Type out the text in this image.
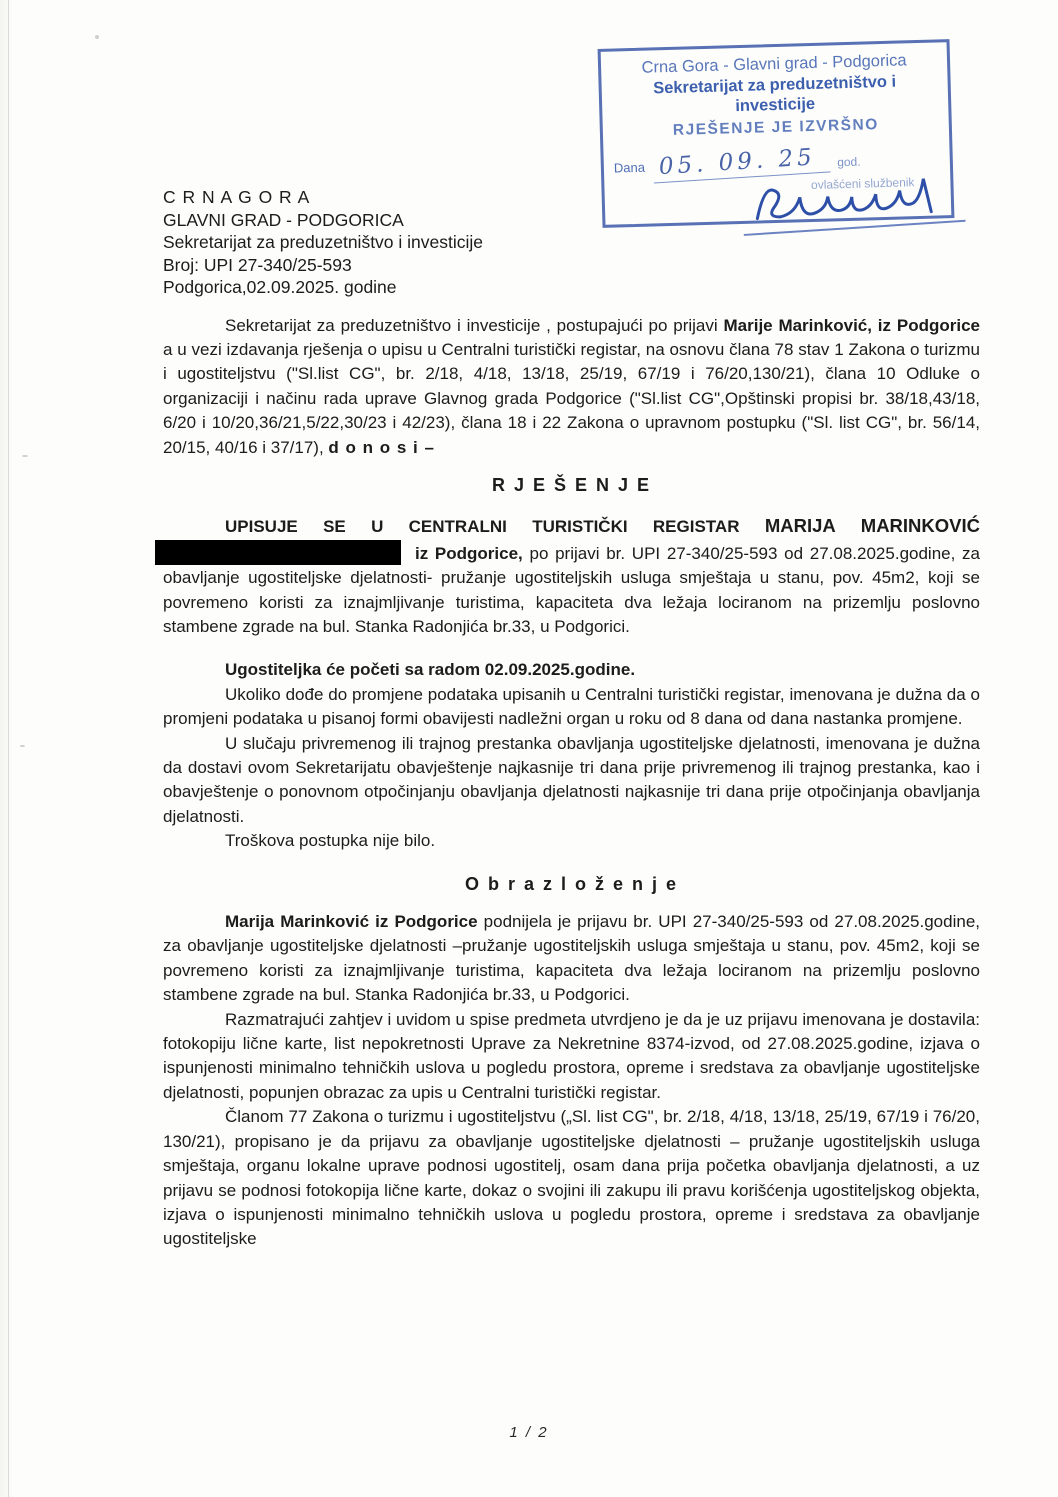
Crna Gora - Glavni grad - Podgorica
Sekretarijat za preduzetništvo i investicije
RJEŠENJE JE IZVRŠNO
Dana 05. 09. 25 god.
ovlašćeni službenik
C R N A G O R A
GLAVNI GRAD - PODGORICA
Sekretarijat za preduzetništvo i investicije
Broj: UPI 27-340/25-593
Podgorica,02.09.2025. godine

Sekretarijat za preduzetništvo i investicije , postupajući po prijavi Marije Marinković, iz Podgorice a u vezi izdavanja rješenja o upisu u Centralni turistički registar, na osnovu člana 78 stav 1 Zakona o turizmu i ugostiteljstvu ("Sl.list CG", br. 2/18, 4/18, 13/18, 25/19, 67/19 i 76/20,130/21), člana 10 Odluke o organizaciji i načinu rada uprave Glavnog grada Podgorice ("Sl.list CG",Opštinski propisi br. 38/18,43/18, 6/20 i 10/20,36/21,5/22,30/23 i 42/23), člana 18 i 22 Zakona o upravnom postupku ("Sl. list CG", br. 56/14, 20/15, 40/16 i 37/17), d o n o s i –

R J E Š E N J E

UPISUJE SE U CENTRALNI TURISTIČKI REGISTAR MARIJA MARINKOVIĆ
iz Podgorice, po prijavi br. UPI 27-340/25-593 od 27.08.2025.godine, za obavljanje ugostiteljske djelatnosti- pružanje ugostiteljskih usluga smještaja u stanu, pov. 45m2, koji se povremeno koristi za iznajmljivanje turistima, kapaciteta dva ležaja lociranom na prizemlju poslovno stambene zgrade na bul. Stanka Radonjića br.33, u Podgorici.

Ugostiteljka će početi sa radom 02.09.2025.godine.

Ukoliko dođe do promjene podataka upisanih u Centralni turistički registar, imenovana je dužna da o promjeni podataka u pisanoj formi obavijesti nadležni organ u roku od 8 dana od dana nastanka promjene.

U slučaju privremenog ili trajnog prestanka obavljanja ugostiteljske djelatnosti, imenovana je dužna da dostavi ovom Sekretarijatu obavještenje najkasnije tri dana prije privremenog ili trajnog prestanka, kao i obavještenje o ponovnom otpočinjanju obavljanja djelatnosti najkasnije tri dana prije otpočinjanja obavljanja djelatnosti.

Troškova postupka nije bilo.

O b r a z l o ž e n j e

Marija Marinković iz Podgorice podnijela je prijavu br. UPI 27-340/25-593 od 27.08.2025.godine, za obavljanje ugostiteljske djelatnosti –pružanje ugostiteljskih usluga smještaja u stanu, pov. 45m2, koji se povremeno koristi za iznajmljivanje turistima, kapaciteta dva ležaja lociranom na prizemlju poslovno stambene zgrade na bul. Stanka Radonjića br.33, u Podgorici.

Razmatrajući zahtjev i uvidom u spise predmeta utvrdjeno je da je uz prijavu imenovana je dostavila: fotokopiju lične karte, list nepokretnosti Uprave za Nekretnine 8374-izvod, od 27.08.2025.godine, izjava o ispunjenosti minimalno tehničkih uslova u pogledu prostora, opreme i sredstava za obavljanje ugostiteljske djelatnosti, popunjen obrazac za upis u Centralni turistički registar.

Članom 77 Zakona o turizmu i ugostiteljstvu („Sl. list CG", br. 2/18, 4/18, 13/18, 25/19, 67/19 i 76/20, 130/21), propisano je da prijavu za obavljanje ugostiteljske djelatnosti – pružanje ugostiteljskih usluga smještaja, organu lokalne uprave podnosi ugostitelj, osam dana prija početka obavljanja djelatnosti, a uz prijavu se podnosi fotokopija lične karte, dokaz o svojini ili zakupu ili pravu korišćenja ugostiteljskog objekta, izjava o ispunjenosti minimalno tehničkih uslova u pogledu prostora, opreme i sredstava za obavljanje ugostiteljske

1 / 2
